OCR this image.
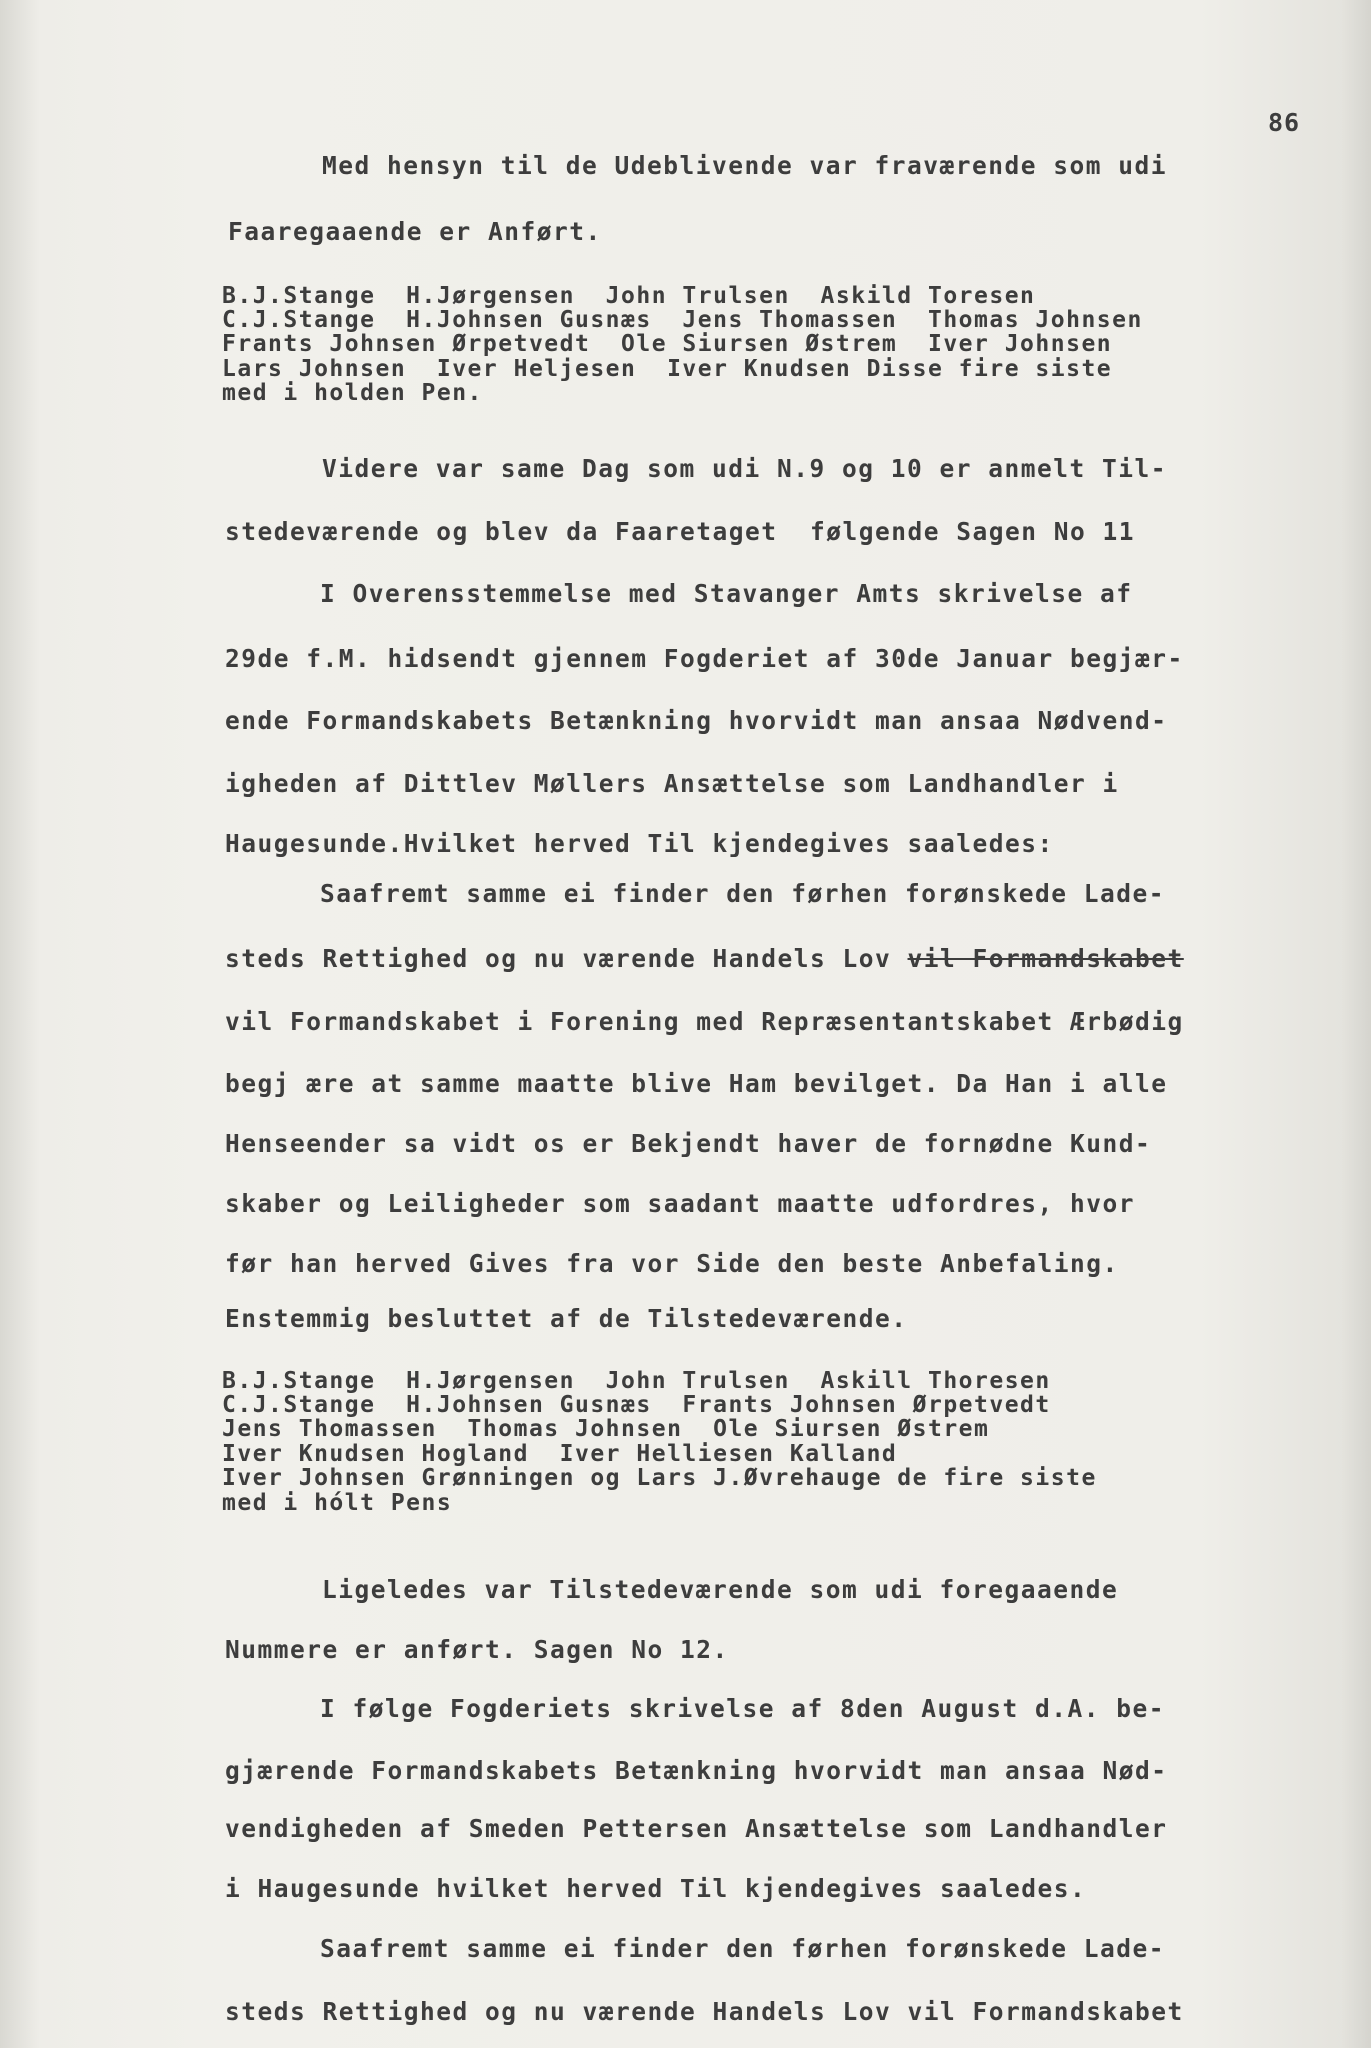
86
Med hensyn til de Udeblivende var fraværende som udi
Faaregaaende er Anført.
B.J.Stange  H.Jørgensen  John Trulsen  Askild Toresen
C.J.Stange  H.Johnsen Gusnæs  Jens Thomassen  Thomas Johnsen
Frants Johnsen Ørpetvedt  Ole Siursen Østrem  Iver Johnsen
Lars Johnsen  Iver Heljesen  Iver Knudsen Disse fire siste
med i holden Pen.
Videre var same Dag som udi N.9 og 10 er anmelt Til-
stedeværende og blev da Faaretaget  følgende Sagen No 11
I Overensstemmelse med Stavanger Amts skrivelse af
29de f.M. hidsendt gjennem Fogderiet af 30de Januar begjær-
ende Formandskabets Betænkning hvorvidt man ansaa Nødvend-
igheden af Dittlev Møllers Ansættelse som Landhandler i
Haugesunde.Hvilket herved Til kjendegives saaledes:
Saafremt samme ei finder den førhen forønskede Lade-
steds Rettighed og nu værende Handels Lov vil Formandskabet
vil Formandskabet i Forening med Repræsentantskabet Ærbødig
begj ære at samme maatte blive Ham bevilget. Da Han i alle
Henseender sa vidt os er Bekjendt haver de fornødne Kund-
skaber og Leiligheder som saadant maatte udfordres, hvor
før han herved Gives fra vor Side den beste Anbefaling.
Enstemmig besluttet af de Tilstedeværende.
B.J.Stange  H.Jørgensen  John Trulsen  Askill Thoresen
C.J.Stange  H.Johnsen Gusnæs  Frants Johnsen Ørpetvedt
Jens Thomassen  Thomas Johnsen  Ole Siursen Østrem
Iver Knudsen Hogland  Iver Helliesen Kalland
Iver Johnsen Grønningen og Lars J.Øvrehauge de fire siste
med i hólt Pens
Ligeledes var Tilstedeværende som udi foregaaende
Nummere er anført. Sagen No 12.
I følge Fogderiets skrivelse af 8den August d.A. be-
gjærende Formandskabets Betænkning hvorvidt man ansaa Nød-
vendigheden af Smeden Pettersen Ansættelse som Landhandler
i Haugesunde hvilket herved Til kjendegives saaledes.
Saafremt samme ei finder den førhen forønskede Lade-
steds Rettighed og nu værende Handels Lov vil Formandskabet
